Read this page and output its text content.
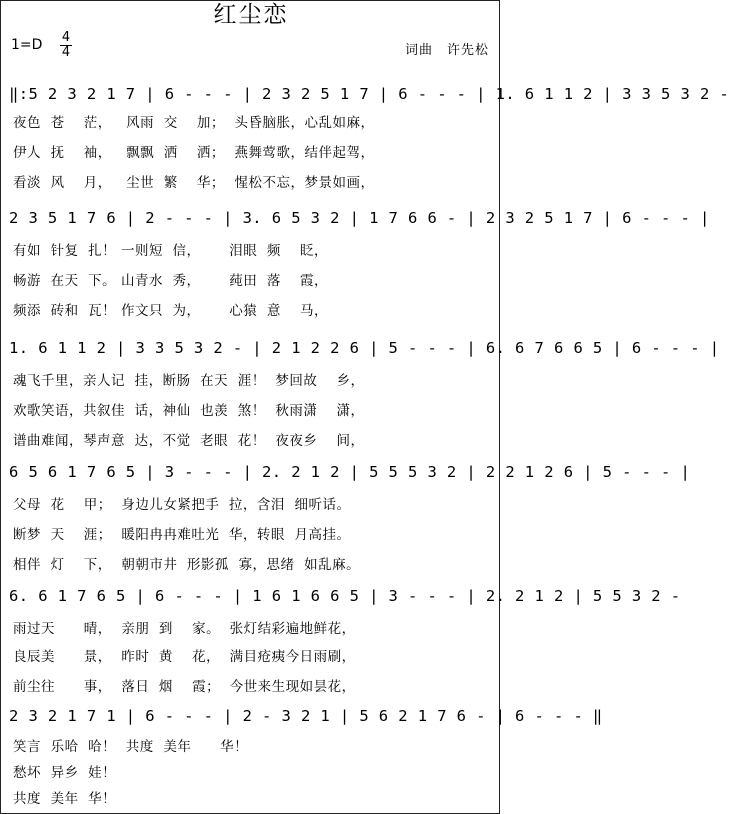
红尘恋
1=D 4
4	词曲　许先松
‖:5 2 3 2 1 7 | 6 - - - | 2 3 2 5 1 7 | 6 - - - | 1. 6 1 1 2 | 3 3 5 3 2 -
夜色  苍    茫，   风雨  交    加；  头昏脑胀，心乱如麻，
伊人  抚    袖，   飘飘  洒    洒；  燕舞莺歌，结伴起驾，
看淡  风    月，   尘世  繁    华；  惺松不忘，梦景如画，
2 3 5 1 7 6 | 2 - - - | 3. 6 5 3 2 | 1 7 6 6 - | 2 3 2 5 1 7 | 6 - - - |
有如  针复  扎！ 一则短  信，      泪眼  频    眨，
畅游  在天  下。 山青水  秀，      莼田  落    霞，
频添  砖和  瓦！ 作文只  为，      心猿  意    马，
1. 6 1 1 2 | 3 3 5 3 2 - | 2 1 2 2 6 | 5 - - - | 6. 6 7 6 6 5 | 6 - - - |
魂飞千里，亲人记  挂，断肠  在天  涯！  梦回故    乡，
欢歌笑语，共叙佳  话，神仙  也羡  煞！  秋雨潇    潇，
谱曲难闻，琴声意  达，不觉  老眼  花！  夜夜乡    间，
6 5 6 1 7 6 5 | 3 - - - | 2. 2 1 2 | 5 5 5 3 2 | 2 2 1 2 6 | 5 - - - |
父母  花    甲；  身边儿女紧把手  拉，含泪  细听话。
断梦  天    涯；  暖阳冉冉难吐光  华，转眼  月高挂。
相伴  灯    下，  朝朝市井  形影孤  寡，思绪  如乱麻。
6. 6 1 7 6 5 | 6 - - - | 1 6 1 6 6 5 | 3 - - - | 2. 2 1 2 | 5 5 3 2 -
雨过天      晴，  亲朋  到    家。  张灯结彩遍地鲜花，
良辰美      景，  昨时  黄    花，  满目疮痍今日雨刷，
前尘往      事，  落日  烟    霞；  今世来生现如昙花，
2 3 2 1 7 1 | 6 - - - | 2 - 3 2 1 | 5 6 2 1 7 6 - | 6 - - - ‖
笑言  乐哈  哈！  共度  美年      华！
愁坏  异乡  娃！
共度  美年  华！
